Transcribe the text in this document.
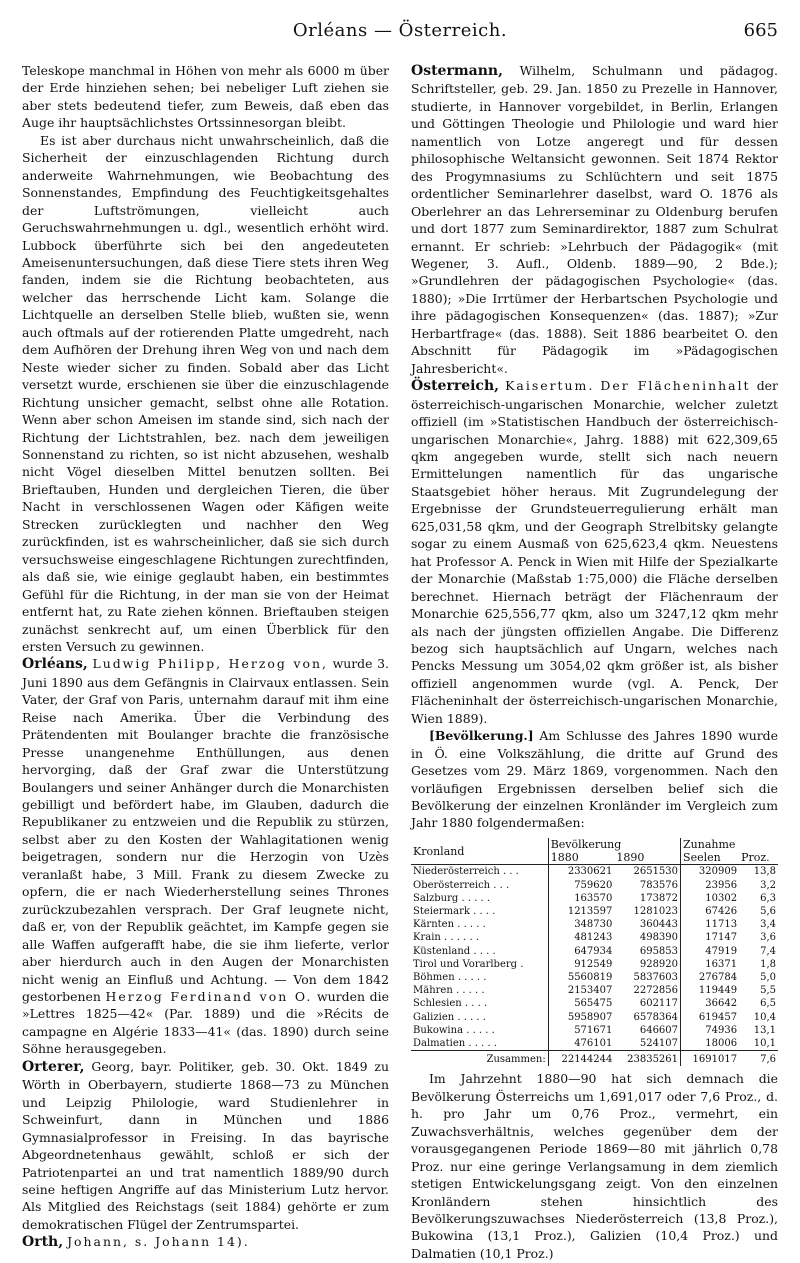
Orléans — Österreich.	665

Teleskope manchmal in Höhen von mehr als 6000 m über der Erde hinziehen sehen; bei nebeliger Luft ziehen sie aber stets bedeutend tiefer, zum Beweis, daß eben das Auge ihr hauptsächlichstes Ortssinnesorgan bleibt.

Es ist aber durchaus nicht unwahrscheinlich, daß die Sicherheit der einzuschlagenden Richtung durch anderweite Wahrnehmungen, wie Beobachtung des Sonnenstandes, Empfindung des Feuchtigkeitsgehaltes der Luftströmungen, vielleicht auch Geruchswahrnehmungen u. dgl., wesentlich erhöht wird. Lubbock überführte sich bei den angedeuteten Ameisenuntersuchungen, daß diese Tiere stets ihren Weg fanden, indem sie die Richtung beobachteten, aus welcher das herrschende Licht kam. Solange die Lichtquelle an derselben Stelle blieb, wußten sie, wenn auch oftmals auf der rotierenden Platte umgedreht, nach dem Aufhören der Drehung ihren Weg von und nach dem Neste wieder sicher zu finden. Sobald aber das Licht versetzt wurde, erschienen sie über die einzuschlagende Richtung unsicher gemacht, selbst ohne alle Rotation. Wenn aber schon Ameisen im stande sind, sich nach der Richtung der Lichtstrahlen, bez. nach dem jeweiligen Sonnenstand zu richten, so ist nicht abzusehen, weshalb nicht Vögel dieselben Mittel benutzen sollten. Bei Brieftauben, Hunden und dergleichen Tieren, die über Nacht in verschlossenen Wagen oder Käfigen weite Strecken zurücklegten und nachher den Weg zurückfinden, ist es wahrscheinlicher, daß sie sich durch versuchsweise eingeschlagene Richtungen zurechtfinden, als daß sie, wie einige geglaubt haben, ein bestimmtes Gefühl für die Richtung, in der man sie von der Heimat entfernt hat, zu Rate ziehen können. Brieftauben steigen zunächst senkrecht auf, um einen Überblick für den ersten Versuch zu gewinnen.

Orléans, Ludwig Philipp, Herzog von, wurde 3. Juni 1890 aus dem Gefängnis in Clairvaux entlassen. Sein Vater, der Graf von Paris, unternahm darauf mit ihm eine Reise nach Amerika. Über die Verbindung des Prätendenten mit Boulanger brachte die französische Presse unangenehme Enthüllungen, aus denen hervorging, daß der Graf zwar die Unterstützung Boulangers und seiner Anhänger durch die Monarchisten gebilligt und befördert habe, im Glauben, dadurch die Republikaner zu entzweien und die Republik zu stürzen, selbst aber zu den Kosten der Wahlagitationen wenig beigetragen, sondern nur die Herzogin von Uzès veranlaßt habe, 3 Mill. Frank zu diesem Zwecke zu opfern, die er nach Wiederherstellung seines Thrones zurückzubezahlen versprach. Der Graf leugnete nicht, daß er, von der Republik geächtet, im Kampfe gegen sie alle Waffen aufgerafft habe, die sie ihm lieferte, verlor aber hierdurch auch in den Augen der Monarchisten nicht wenig an Einfluß und Achtung. — Von dem 1842 gestorbenen Herzog Ferdinand von O. wurden die »Lettres 1825—42« (Par. 1889) und die »Récits de campagne en Algérie 1833—41« (das. 1890) durch seine Söhne herausgegeben.

Orterer, Georg, bayr. Politiker, geb. 30. Okt. 1849 zu Wörth in Oberbayern, studierte 1868—73 zu München und Leipzig Philologie, ward Studienlehrer in Schweinfurt, dann in München und 1886 Gymnasialprofessor in Freising. In das bayrische Abgeordnetenhaus gewählt, schloß er sich der Patriotenpartei an und trat namentlich 1889/90 durch seine heftigen Angriffe auf das Ministerium Lutz hervor. Als Mitglied des Reichstags (seit 1884) gehörte er zum demokratischen Flügel der Zentrumspartei.

Orth, Johann, s. Johann 14).

Ostermann, Wilhelm, Schulmann und pädagog. Schriftsteller, geb. 29. Jan. 1850 zu Prezelle in Hannover, studierte, in Hannover vorgebildet, in Berlin, Erlangen und Göttingen Theologie und Philologie und ward hier namentlich von Lotze angeregt und für dessen philosophische Weltansicht gewonnen. Seit 1874 Rektor des Progymnasiums zu Schlüchtern und seit 1875 ordentlicher Seminarlehrer daselbst, ward O. 1876 als Oberlehrer an das Lehrerseminar zu Oldenburg berufen und dort 1877 zum Seminardirektor, 1887 zum Schulrat ernannt. Er schrieb: »Lehrbuch der Pädagogik« (mit Wegener, 3. Aufl., Oldenb. 1889—90, 2 Bde.); »Grundlehren der pädagogischen Psychologie« (das. 1880); »Die Irrtümer der Herbartschen Psychologie und ihre pädagogischen Konsequenzen« (das. 1887); »Zur Herbartfrage« (das. 1888). Seit 1886 bearbeitet O. den Abschnitt für Pädagogik im »Pädagogischen Jahresbericht«.

Österreich, Kaisertum. Der Flächeninhalt der österreichisch-ungarischen Monarchie, welcher zuletzt offiziell (im »Statistischen Handbuch der österreichisch-ungarischen Monarchie«, Jahrg. 1888) mit 622,309,65 qkm angegeben wurde, stellt sich nach neuern Ermittelungen namentlich für das ungarische Staatsgebiet höher heraus. Mit Zugrundelegung der Ergebnisse der Grundsteuerregulierung erhält man 625,031,58 qkm, und der Geograph Strelbitsky gelangte sogar zu einem Ausmaß von 625,623,4 qkm. Neuestens hat Professor A. Penck in Wien mit Hilfe der Spezialkarte der Monarchie (Maßstab 1:75,000) die Fläche derselben berechnet. Hiernach beträgt der Flächenraum der Monarchie 625,556,77 qkm, also um 3247,12 qkm mehr als nach der jüngsten offiziellen Angabe. Die Differenz bezog sich hauptsächlich auf Ungarn, welches nach Pencks Messung um 3054,02 qkm größer ist, als bisher offiziell angenommen wurde (vgl. A. Penck, Der Flächeninhalt der österreichisch-ungarischen Monarchie, Wien 1889).

[Bevölkerung.] Am Schlusse des Jahres 1890 wurde in Ö. eine Volkszählung, die dritte auf Grund des Gesetzes vom 29. März 1869, vorgenommen. Nach den vorläufigen Ergebnissen derselben belief sich die Bevölkerung der einzelnen Kronländer im Vergleich zum Jahr 1880 folgendermaßen:

Kronland	Bevölkerung		Zunahme	
	1880	1890	Seelen	Proz.
Niederösterreich . . .	2330621	2651530	320909	13,8
Oberösterreich . . .	759620	783576	23956	3,2
Salzburg . . . . .	163570	173872	10302	6,3
Steiermark . . . .	1213597	1281023	67426	5,6
Kärnten . . . . .	348730	360443	11713	3,4
Krain . . . . . .	481243	498390	17147	3,6
Küstenland . . . .	647934	695853	47919	7,4
Tirol und Vorarlberg .	912549	928920	16371	1,8
Böhmen . . . . .	5560819	5837603	276784	5,0
Mähren . . . . .	2153407	2272856	119449	5,5
Schlesien . . . .	565475	602117	36642	6,5
Galizien . . . . .	5958907	6578364	619457	10,4
Bukowina . . . . .	571671	646607	74936	13,1
Dalmatien . . . . .	476101	524107	18006	10,1
Zusammen:	22144244	23835261	1691017	7,6

Im Jahrzehnt 1880—90 hat sich demnach die Bevölkerung Österreichs um 1,691,017 oder 7,6 Proz., d. h. pro Jahr um 0,76 Proz., vermehrt, ein Zuwachsverhältnis, welches gegenüber dem der vorausgegangenen Periode 1869—80 mit jährlich 0,78 Proz. nur eine geringe Verlangsamung in dem ziemlich stetigen Entwickelungsgang zeigt. Von den einzelnen Kronländern stehen hinsichtlich des Bevölkerungszuwachses Niederösterreich (13,8 Proz.), Bukowina (13,1 Proz.), Galizien (10,4 Proz.) und Dalmatien (10,1 Proz.)
